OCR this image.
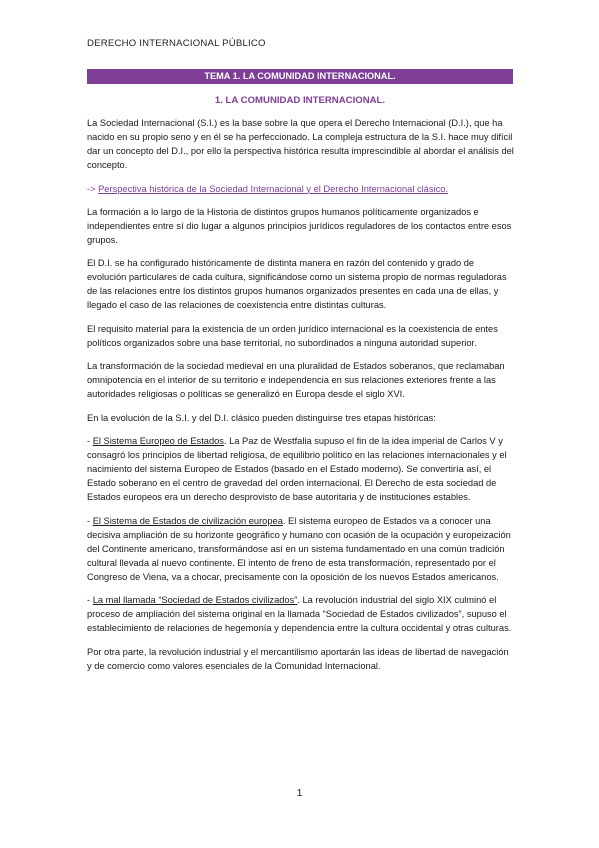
DERECHO INTERNACIONAL PÚBLICO
TEMA 1. LA COMUNIDAD INTERNACIONAL.
1. LA COMUNIDAD INTERNACIONAL.

La Sociedad Internacional (S.I.) es la base sobre la que opera el Derecho Internacional (D.I.), que ha nacido en su propio seno y en él se ha perfeccionado. La compleja estructura de la S.I. hace muy difícil dar un concepto del D.I., por ello la perspectiva histórica resulta imprescindible al abordar el análisis del concepto.

-> Perspectiva histórica de la Sociedad Internacional y el Derecho Internacional clásico.

La formación a lo largo de la Historia de distintos grupos humanos políticamente organizados e independientes entre sí dio lugar a algunos principios jurídicos reguladores de los contactos entre esos grupos.

El D.I. se ha configurado históricamente de distinta manera en razón del contenido y grado de evolución particulares de cada cultura, significándose como un sistema propio de normas reguladoras de las relaciones entre los distintos grupos humanos organizados presentes en cada una de ellas, y llegado el caso de las relaciones de coexistencia entre distintas culturas.

El requisito material para la existencia de un orden jurídico internacional es la coexistencia de entes políticos organizados sobre una base territorial, no subordinados a ninguna autoridad superior.

La transformación de la sociedad medieval en una pluralidad de Estados soberanos, que reclamaban omnipotencia en el interior de su territorio e independencia en sus relaciones exteriores frente a las autoridades religiosas o políticas se generalizó en Europa desde el siglo XVI.

En la evolución de la S.I. y del D.I. clásico pueden distinguirse tres etapas históricas:

- El Sistema Europeo de Estados. La Paz de Westfalia supuso el fin de la idea imperial de Carlos V y consagró los principios de libertad religiosa, de equilibrio político en las relaciones internacionales y el nacimiento del sistema Europeo de Estados (basado en el Estado moderno). Se convertiría así, el Estado soberano en el centro de gravedad del orden internacional. El Derecho de esta sociedad de Estados europeos era un derecho desprovisto de base autoritaria y de instituciones estables.

- El Sistema de Estados de civilización europea. El sistema europeo de Estados va a conocer una decisiva ampliación de su horizonte geográfico y humano con ocasión de la ocupación y europeización del Continente americano, transformándose así en un sistema fundamentado en una común tradición cultural llevada al nuevo continente. El intento de freno de esta transformación, representado por el Congreso de Viena, va a chocar, precisamente con la oposición de los nuevos Estados americanos.

- La mal llamada “Sociedad de Estados civilizados”. La revolución industrial del siglo XIX culminó el proceso de ampliación del sistema original en la llamada “Sociedad de Estados civilizados”, supuso el establecimiento de relaciones de hegemonía y dependencia entre la cultura occidental y otras culturas.

Por otra parte, la revolución industrial y el mercantilismo aportarán las ideas de libertad de navegación y de comercio como valores esenciales de la Comunidad Internacional.

1
